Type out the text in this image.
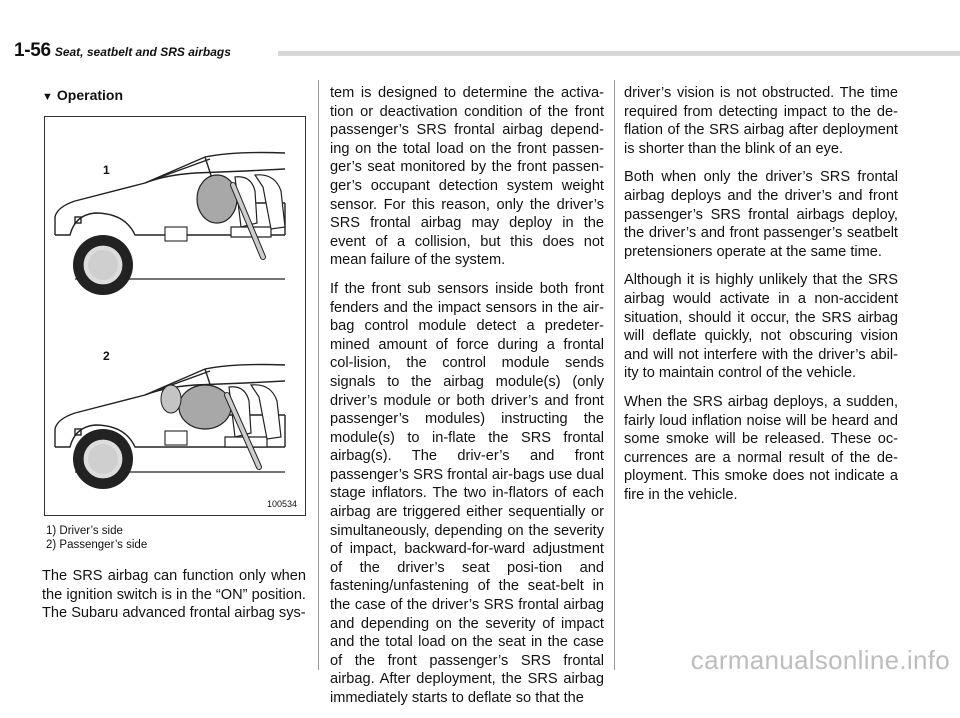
1-56 Seat, seatbelt and SRS airbags
▼ Operation
1
2
100534
1) Driver’s side
2) Passenger’s side
The SRS airbag can function only when the ignition switch is in the “ON” position. The Subaru advanced frontal airbag sys-

tem is designed to determine the activa-tion or deactivation condition of the front passenger’s SRS frontal airbag depend-ing on the total load on the front passen-ger’s seat monitored by the front passen-ger’s occupant detection system weight sensor. For this reason, only the driver’s SRS frontal airbag may deploy in the event of a collision, but this does not mean failure of the system.

If the front sub sensors inside both front fenders and the impact sensors in the air-bag control module detect a predeter-mined amount of force during a frontal col-lision, the control module sends signals to the airbag module(s) (only driver’s module or both driver’s and front passenger’s modules) instructing the module(s) to in-flate the SRS frontal airbag(s). The driv-er’s and front passenger’s SRS frontal air-bags use dual stage inflators. The two in-flators of each airbag are triggered either sequentially or simultaneously, depending on the severity of impact, backward-for-ward adjustment of the driver’s seat posi-tion and fastening/unfastening of the seat-belt in the case of the driver’s SRS frontal airbag and depending on the severity of impact and the total load on the seat in the case of the front passenger’s SRS frontal airbag. After deployment, the SRS airbag immediately starts to deflate so that the

driver’s vision is not obstructed. The time required from detecting impact to the de-flation of the SRS airbag after deployment is shorter than the blink of an eye.

Both when only the driver’s SRS frontal airbag deploys and the driver’s and front passenger’s SRS frontal airbags deploy, the driver’s and front passenger’s seatbelt pretensioners operate at the same time.

Although it is highly unlikely that the SRS airbag would activate in a non-accident situation, should it occur, the SRS airbag will deflate quickly, not obscuring vision and will not interfere with the driver’s abil-ity to maintain control of the vehicle.

When the SRS airbag deploys, a sudden, fairly loud inflation noise will be heard and some smoke will be released. These oc-currences are a normal result of the de-ployment. This smoke does not indicate a fire in the vehicle.

carmanualsonline.info
